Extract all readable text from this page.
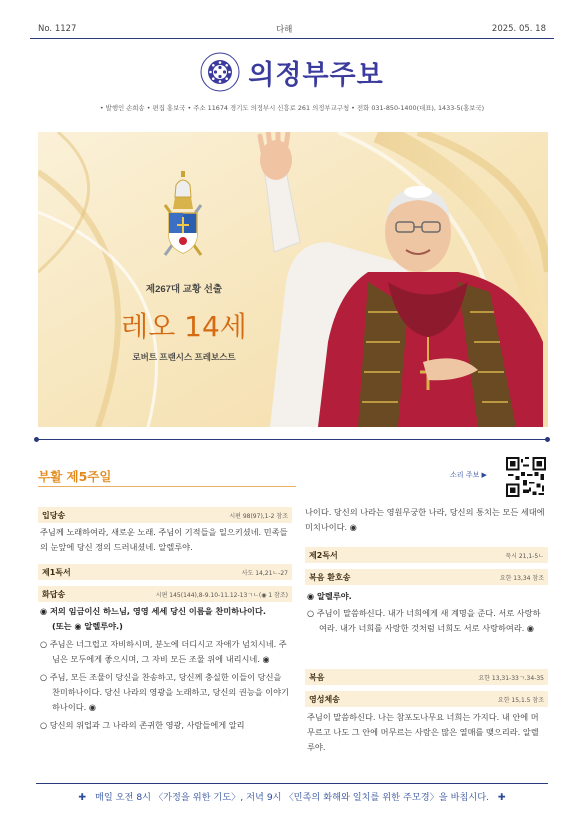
No. 1127	다해	2025. 05. 18
의정부주보
• 발행인 손희송 • 편집 홍보국 • 주소 11674 경기도 의정부시 신흥로 261 의정부교구청 • 전화 031-850-1400(대표), 1433-5(홍보국)
제267대 교황 선출
레오 14세
로버트 프랜시스 프레보스트
부활 제5주일	소리 주보 ▶
입당송	시편 98(97),1-2 참조
주님께 노래하여라, 새로운 노래. 주님이 기적들을 일으키셨네. 민족들의 눈앞에 당신 정의 드러내셨네. 알렐루야.
제1독서	사도 14,21ㄴ-27
화답송	시편 145(144),8-9.10-11.12-13ㄱㄴ(◉ 1 참조)
◉ 저의 임금이신 하느님, 영영 세세 당신 이름을 찬미하나이다.
(또는 ◉ 알렐루야.)
○ 주님은 너그럽고 자비하시며, 분노에 더디시고 자애가 넘치시네. 주님은 모두에게 좋으시며, 그 자비 모든 조물 위에 내리시네. ◉
○ 주님, 모든 조물이 당신을 찬송하고, 당신께 충실한 이들이 당신을 찬미하나이다. 당신 나라의 영광을 노래하고, 당신의 권능을 이야기하나이다. ◉
○ 당신의 위업과 그 나라의 존귀한 영광, 사람들에게 알리
나이다. 당신의 나라는 영원무궁한 나라, 당신의 통치는 모든 세대에 미치나이다. ◉
제2독서	묵시 21,1-5ㄴ
복음 환호송	요한 13,34 참조
◉ 알렐루야.
○ 주님이 말씀하신다. 내가 너희에게 새 계명을 준다. 서로 사랑하여라. 내가 너희를 사랑한 것처럼 너희도 서로 사랑하여라. ◉
복음	요한 13,31-33ㄱ.34-35
영성체송	요한 15,1.5 참조
주님이 말씀하신다. 나는 참포도나무요 너희는 가지다. 내 안에 머무르고 나도 그 안에 머무르는 사람은 많은 열매를 맺으리라. 알렐루야.
✚ 매일 오전 8시 〈가정을 위한 기도〉, 저녁 9시 〈민족의 화해와 일치를 위한 주모경〉을 바칩시다. ✚
